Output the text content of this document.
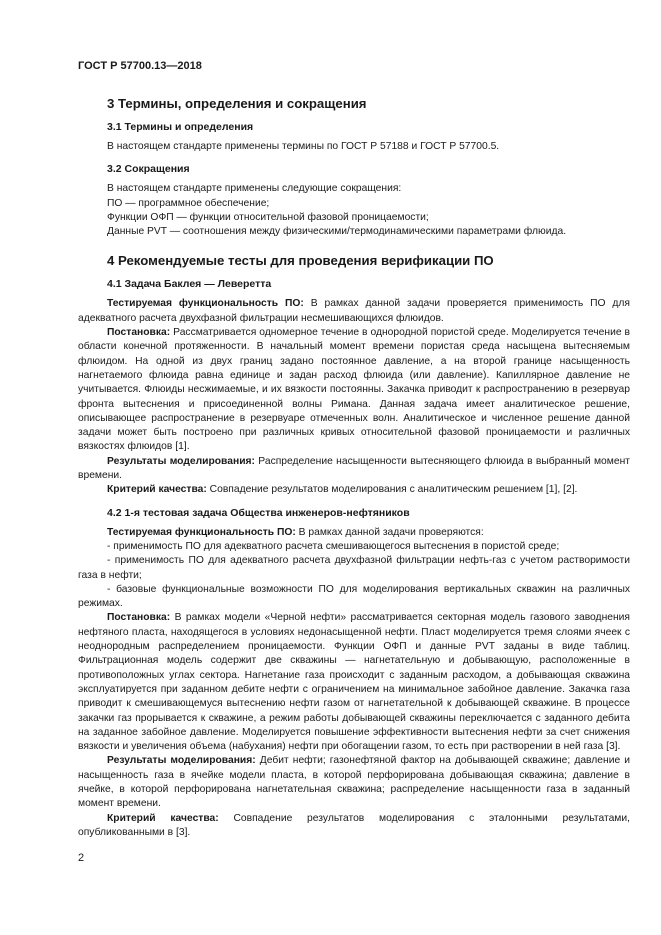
ГОСТ Р 57700.13—2018
3 Термины, определения и сокращения
3.1 Термины и определения

В настоящем стандарте применены термины по ГОСТ Р 57188 и ГОСТ Р 57700.5.

3.2 Сокращения

В настоящем стандарте применены следующие сокращения:

ПО — программное обеспечение;

Функции ОФП — функции относительной фазовой проницаемости;

Данные PVT — соотношения между физическими/термодинамическими параметрами флюида.

4 Рекомендуемые тесты для проведения верификации ПО
4.1 Задача Баклея — Леверетта

Тестируемая функциональность ПО: В рамках данной задачи проверяется применимость ПО для адекватного расчета двухфазной фильтрации несмешивающихся флюидов.

Постановка: Рассматривается одномерное течение в однородной пористой среде. Моделируется течение в области конечной протяженности. В начальный момент времени пористая среда насыщена вытесняемым флюидом. На одной из двух границ задано постоянное давление, а на второй границе насыщенность нагнетаемого флюида равна единице и задан расход флюида (или давление). Капиллярное давление не учитывается. Флюиды несжимаемые, и их вязкости постоянны. Закачка приводит к распространению в резервуар фронта вытеснения и присоединенной волны Римана. Данная задача имеет аналитическое решение, описывающее распространение в резервуаре отмеченных волн. Аналитическое и численное решение данной задачи может быть построено при различных кривых относительной фазовой проницаемости и различных вязкостях флюидов [1].

Результаты моделирования: Распределение насыщенности вытесняющего флюида в выбранный момент времени.

Критерий качества: Совпадение результатов моделирования с аналитическим решением [1], [2].

4.2 1-я тестовая задача Общества инженеров-нефтяников

Тестируемая функциональность ПО: В рамках данной задачи проверяются:

- применимость ПО для адекватного расчета смешивающегося вытеснения в пористой среде;

- применимость ПО для адекватного расчета двухфазной фильтрации нефть-газ с учетом растворимости газа в нефти;

- базовые функциональные возможности ПО для моделирования вертикальных скважин на различных режимах.

Постановка: В рамках модели «Черной нефти» рассматривается секторная модель газового заводнения нефтяного пласта, находящегося в условиях недонасыщенной нефти. Пласт моделируется тремя слоями ячеек с неоднородным распределением проницаемости. Функции ОФП и данные PVT заданы в виде таблиц. Фильтрационная модель содержит две скважины — нагнетательную и добывающую, расположенные в противоположных углах сектора. Нагнетание газа происходит с заданным расходом, а добывающая скважина эксплуатируется при заданном дебите нефти с ограничением на минимальное забойное давление. Закачка газа приводит к смешивающемуся вытеснению нефти газом от нагнетательной к добывающей скважине. В процессе закачки газ прорывается к скважине, а режим работы добывающей скважины переключается с заданного дебита на заданное забойное давление. Моделируется повышение эффективности вытеснения нефти за счет снижения вязкости и увеличения объема (набухания) нефти при обогащении газом, то есть при растворении в ней газа [3].

Результаты моделирования: Дебит нефти; газонефтяной фактор на добывающей скважине; давление и насыщенность газа в ячейке модели пласта, в которой перфорирована добывающая скважина; давление в ячейке, в которой перфорирована нагнетательная скважина; распределение насыщенности газа в заданный момент времени.

Критерий качества: Совпадение результатов моделирования с эталонными результатами, опубликованными в [3].

2
